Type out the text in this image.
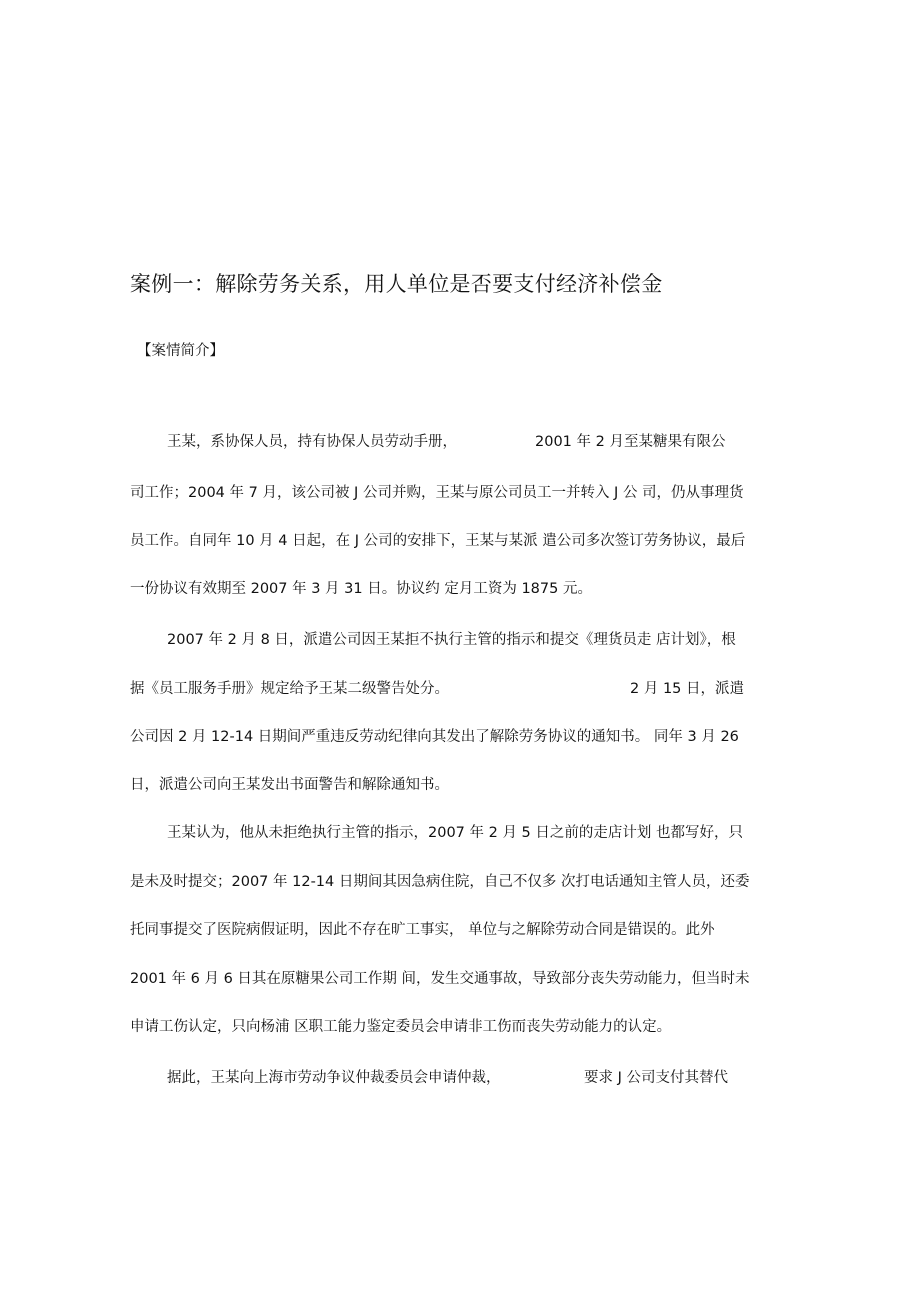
案例一：解除劳务关系，用人单位是否要支付经济补偿金
【案情简介】
王某，系协保人员，持有协保人员劳动手册，	2001 年 2 月至某糖果有限公
司工作；2004 年 7 月，该公司被 J 公司并购，王某与原公司员工一并转入 J 公 司，仍从事理货
员工作。自同年 10 月 4 日起，在 J 公司的安排下，王某与某派 遣公司多次签订劳务协议，最后
一份协议有效期至 2007 年 3 月 31 日。协议约 定月工资为 1875 元。
2007 年 2 月 8 日，派遣公司因王某拒不执行主管的指示和提交《理货员走 店计划》，根
据《员工服务手册》规定给予王某二级警告处分。	2 月 15 日，派遣
公司因 2 月 12-14 日期间严重违反劳动纪律向其发出了解除劳务协议的通知书。 同年 3 月 26
日，派遣公司向王某发出书面警告和解除通知书。
王某认为，他从未拒绝执行主管的指示，2007 年 2 月 5 日之前的走店计划 也都写好，只
是未及时提交；2007 年 12-14 日期间其因急病住院，自己不仅多 次打电话通知主管人员，还委
托同事提交了医院病假证明，因此不存在旷工事实， 单位与之解除劳动合同是错误的。此外
2001 年 6 月 6 日其在原糖果公司工作期 间，发生交通事故，导致部分丧失劳动能力，但当时未
申请工伤认定，只向杨浦 区职工能力鉴定委员会申请非工伤而丧失劳动能力的认定。
据此，王某向上海市劳动争议仲裁委员会申请仲裁，	要求 J 公司支付其替代
